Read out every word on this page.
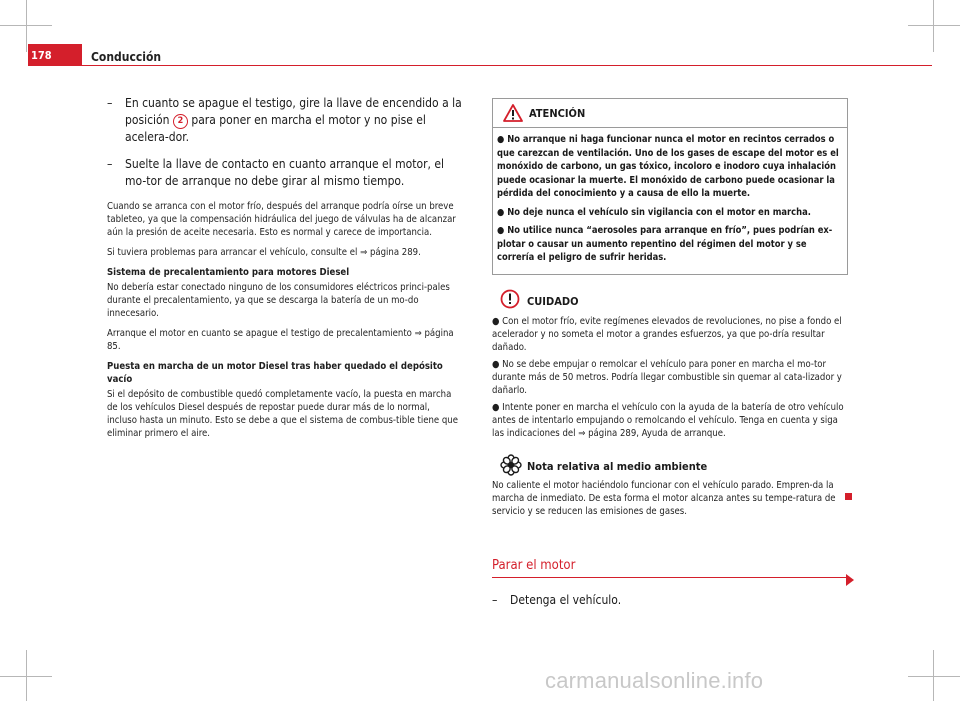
178	Conducción
– En cuanto se apague el testigo, gire la llave de encendido a la posición 2 para poner en marcha el motor y no pise el acelera-dor.
– Suelte la llave de contacto en cuanto arranque el motor, el mo-tor de arranque no debe girar al mismo tiempo.

Cuando se arranca con el motor frío, después del arranque podría oírse un breve tableteo, ya que la compensación hidráulica del juego de válvulas ha de alcanzar aún la presión de aceite necesaria. Esto es normal y carece de importancia.

Si tuviera problemas para arrancar el vehículo, consulte el ⇒ página 289.

Sistema de precalentamiento para motores Diesel

No debería estar conectado ninguno de los consumidores eléctricos princi-pales durante el precalentamiento, ya que se descarga la batería de un mo-do innecesario.

Arranque el motor en cuanto se apague el testigo de precalentamiento ⇒ página 85.

Puesta en marcha de un motor Diesel tras haber quedado el depósito vacío

Si el depósito de combustible quedó completamente vacío, la puesta en marcha de los vehículos Diesel después de repostar puede durar más de lo normal, incluso hasta un minuto. Esto se debe a que el sistema de combus-tible tiene que eliminar primero el aire.

ATENCIÓN

● No arranque ni haga funcionar nunca el motor en recintos cerrados o que carezcan de ventilación. Uno de los gases de escape del motor es el monóxido de carbono, un gas tóxico, incoloro e inodoro cuya inhalación puede ocasionar la muerte. El monóxido de carbono puede ocasionar la pérdida del conocimiento y a causa de ello la muerte.

● No deje nunca el vehículo sin vigilancia con el motor en marcha.

● No utilice nunca “aerosoles para arranque en frío”, pues podrían ex-plotar o causar un aumento repentino del régimen del motor y se correría el peligro de sufrir heridas.

CUIDADO

● Con el motor frío, evite regímenes elevados de revoluciones, no pise a fondo el acelerador y no someta el motor a grandes esfuerzos, ya que po-dría resultar dañado.

● No se debe empujar o remolcar el vehículo para poner en marcha el mo-tor durante más de 50 metros. Podría llegar combustible sin quemar al cata-lizador y dañarlo.

● Intente poner en marcha el vehículo con la ayuda de la batería de otro vehículo antes de intentarlo empujando o remolcando el vehículo. Tenga en cuenta y siga las indicaciones del ⇒ página 289, Ayuda de arranque.

Nota relativa al medio ambiente

No caliente el motor haciéndolo funcionar con el vehículo parado. Empren-da la marcha de inmediato. De esta forma el motor alcanza antes su tempe-ratura de servicio y se reducen las emisiones de gases.

Parar el motor
– Detenga el vehículo.
carmanualsonline.info
